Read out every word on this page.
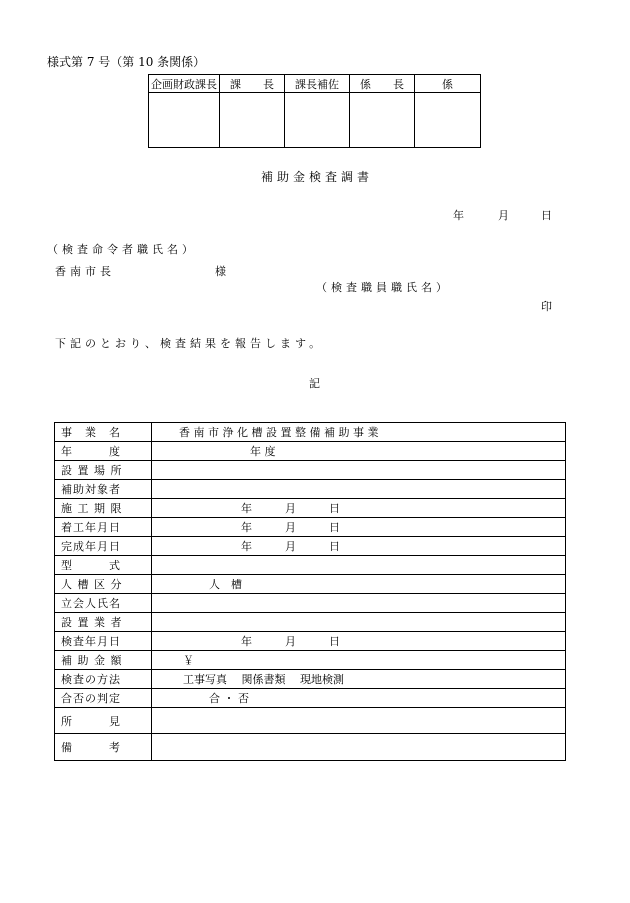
様式第 7 号（第 10 条関係）
企画財政課長	課　　長	課長補佐	係　　長	係

補助金検査調書
年	月	日
（検査命令者職氏名）
香南市長	様
（検査職員職氏名）
印
下記のとおり、検査結果を報告します。
記
事　業　名	香 南 市 浄 化 槽 設 置 整 備 補 助 事 業
年　　　度	年 度
設 置 場 所	
補助対象者	
施 工 期 限	年　　　月　　　日
着工年月日	年　　　月　　　日
完成年月日	年　　　月　　　日
型　　　式	
人 槽 区 分	人　槽
立会人氏名	
設 置 業 者	
検査年月日	年　　　月　　　日
補 助 金 額	￥
検査の方法	工事写真　 関係書類　 現地検測
合否の判定	合 ・ 否
所　　　見	
備　　　考	
